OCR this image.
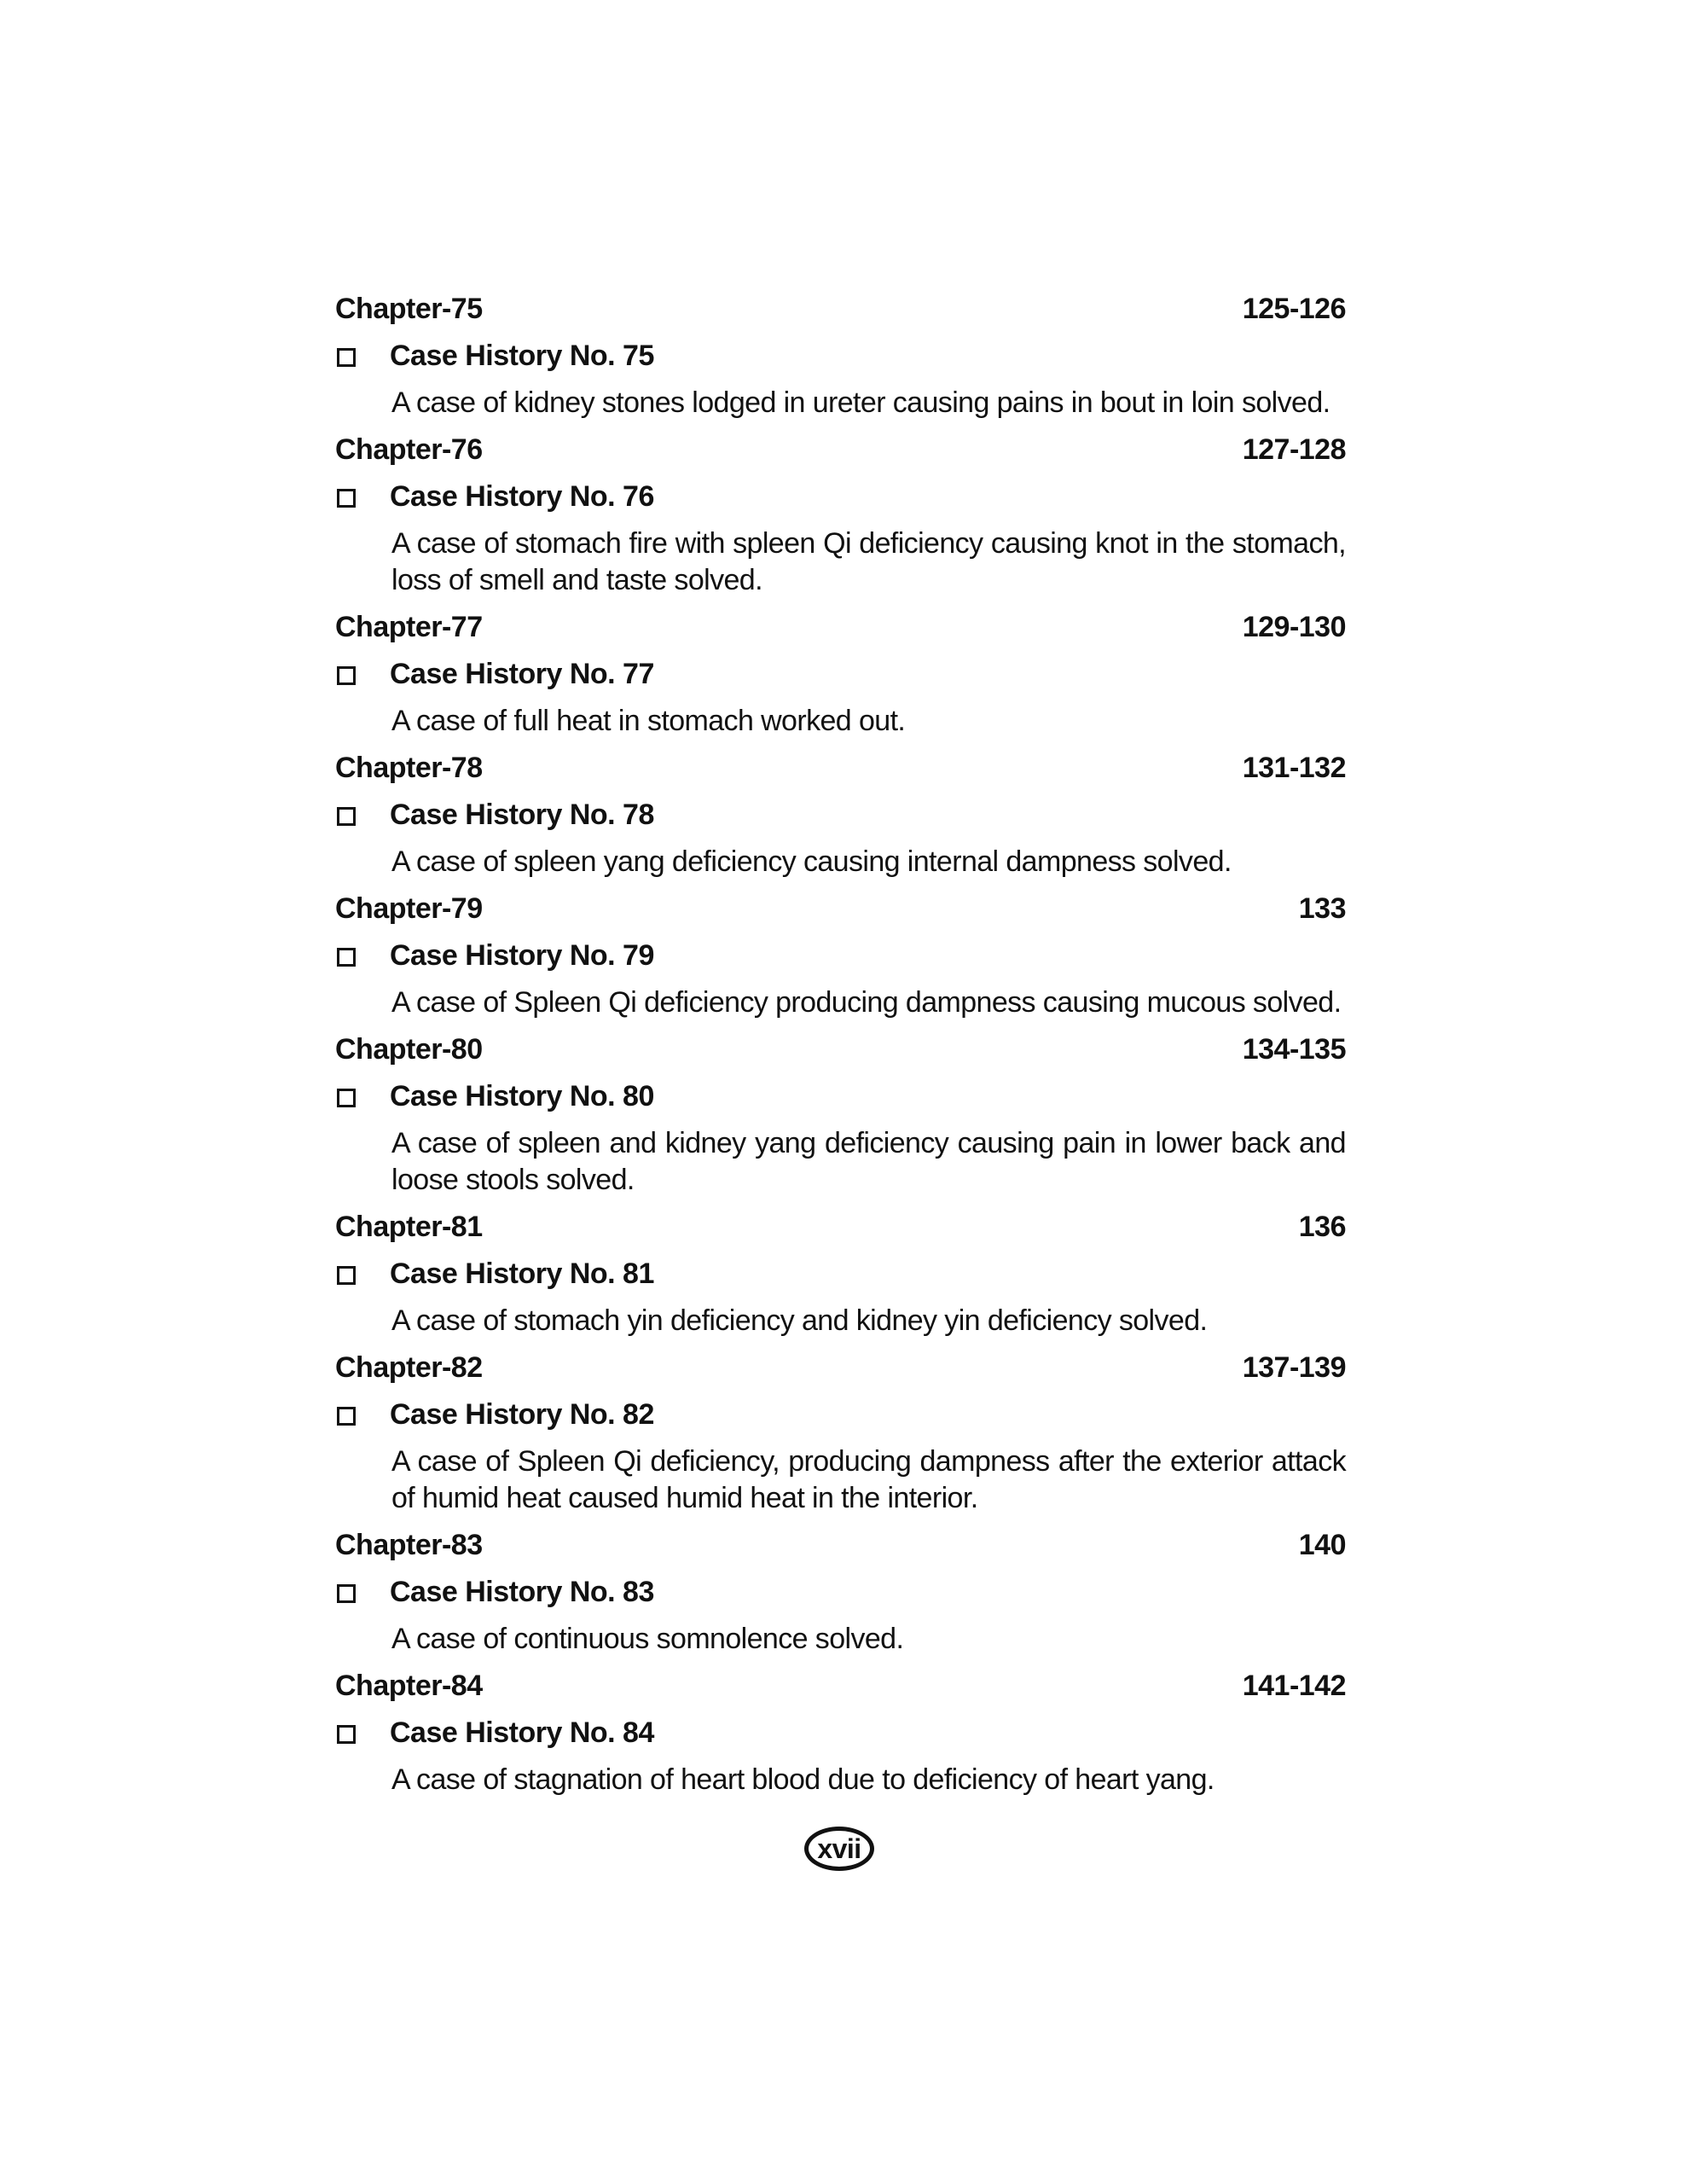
Chapter-75	125-126
Case History No. 75
A case of kidney stones lodged in ureter causing pains in bout in loin solved.
Chapter-76	127-128
Case History No. 76
A case of stomach fire with spleen Qi deficiency causing knot in the stomach, loss of smell and taste solved.
Chapter-77	129-130
Case History No. 77
A case of full heat in stomach worked out.
Chapter-78	131-132
Case History No. 78
A case of spleen yang deficiency causing internal dampness solved.
Chapter-79	133
Case History No. 79
A case of Spleen Qi deficiency producing dampness causing mucous solved.
Chapter-80	134-135
Case History No. 80
A case of spleen and kidney yang deficiency causing pain in lower back and loose stools solved.
Chapter-81	136
Case History No. 81
A case of stomach yin deficiency and kidney yin deficiency solved.
Chapter-82	137-139
Case History No. 82
A case of Spleen Qi deficiency, producing dampness after the exterior attack of humid heat caused humid heat in the interior.
Chapter-83	140
Case History No. 83
A case of continuous somnolence solved.
Chapter-84	141-142
Case History No. 84
A case of stagnation of heart blood due to deficiency of heart yang.
xvii
